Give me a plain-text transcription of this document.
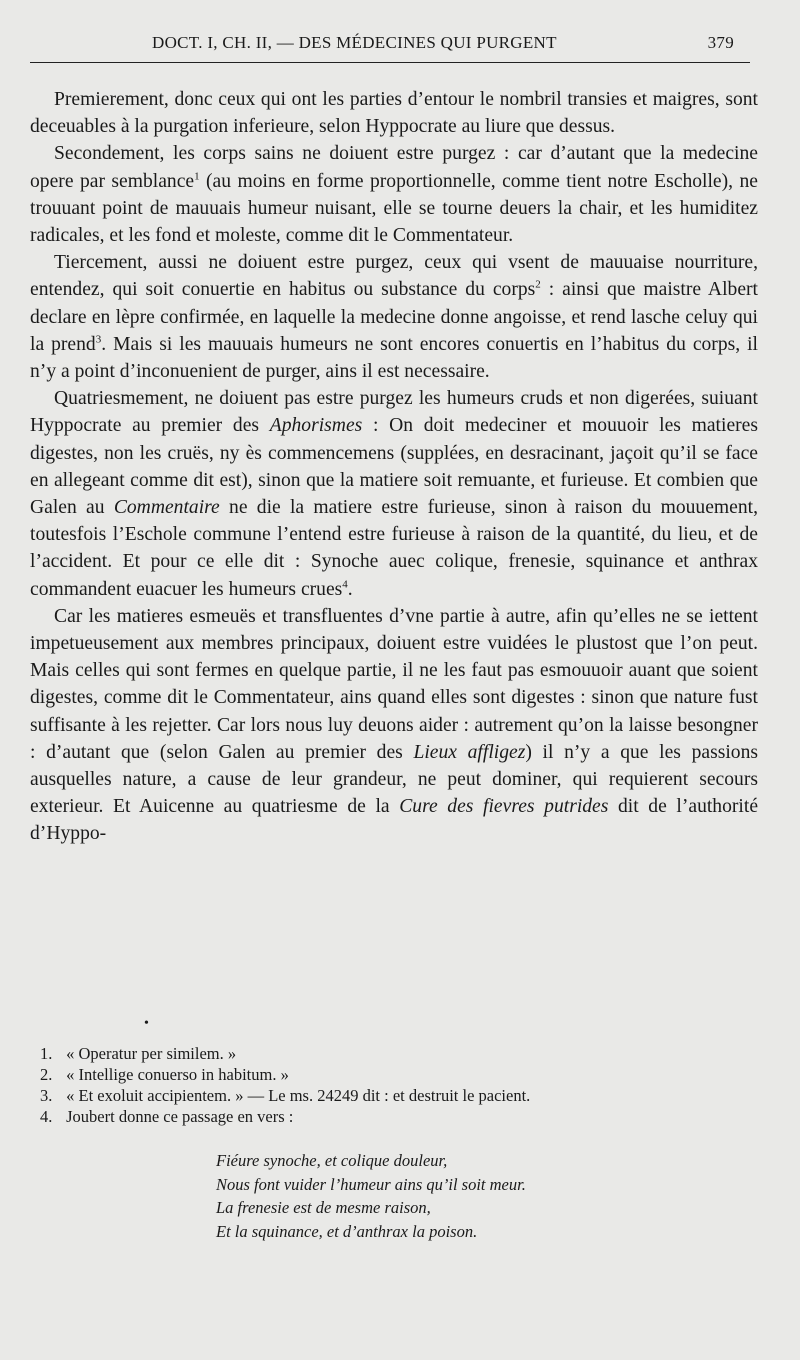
DOCT. I, CH. II, — DES MÉDECINES QUI PURGENT	379

Premierement, donc ceux qui ont les parties d’entour le nombril transies et maigres, sont deceuables à la purgation inferieure, selon Hyppocrate au liure que dessus.

Secondement, les corps sains ne doiuent estre purgez : car d’autant que la medecine opere par semblance$^1$ (au moins en forme proportionnelle, comme tient notre Escholle), ne trouuant point de mauuais humeur nuisant, elle se tourne deuers la chair, et les humiditez radicales, et les fond et moleste, comme dit le Commentateur.

Tiercement, aussi ne doiuent estre purgez, ceux qui vsent de mauuaise nourriture, entendez, qui soit conuertie en habitus ou substance du corps$^2$ : ainsi que maistre Albert declare en lèpre confirmée, en laquelle la medecine donne angoisse, et rend lasche celuy qui la prend$^3$. Mais si les mauuais humeurs ne sont encores conuertis en l’habitus du corps, il n’y a point d’inconuenient de purger, ains il est necessaire.

Quatriesmement, ne doiuent pas estre purgez les humeurs cruds et non digerées, suiuant Hyppocrate au premier des Aphorismes : On doit medeciner et mouuoir les matieres digestes, non les cruës, ny ès commencemens (supplées, en desracinant, jaçoit qu’il se face en allegeant comme dit est), sinon que la matiere soit remuante, et furieuse. Et combien que Galen au Commentaire ne die la matiere estre furieuse, sinon à raison du mouuement, toutesfois l’Eschole commune l’entend estre furieuse à raison de la quantité, du lieu, et de l’accident. Et pour ce elle dit : Synoche auec colique, frenesie, squinance et anthrax commandent euacuer les humeurs crues$^4$.

Car les matieres esmeuës et transfluentes d’vne partie à autre, afin qu’elles ne se iettent impetueusement aux membres principaux, doiuent estre vuidées le plustost que l’on peut. Mais celles qui sont fermes en quelque partie, il ne les faut pas esmouuoir auant que soient digestes, comme dit le Commentateur, ains quand elles sont digestes : sinon que nature fust suffisante à les rejetter. Car lors nous luy deuons aider : autrement qu’on la laisse besongner : d’autant que (selon Galen au premier des Lieux affligez) il n’y a que les passions ausquelles nature, a cause de leur grandeur, ne peut dominer, qui requierent secours exterieur. Et Auicenne au quatriesme de la Cure des fievres putrides dit de l’authorité d’Hyppo-

•
1. « Operatur per similem. »
2. « Intellige conuerso in habitum. »
3. « Et exoluit accipientem. » — Le ms. 24249 dit : et destruit le pacient.
4. Joubert donne ce passage en vers :
Fiéure synoche, et colique douleur,
Nous font vuider l’humeur ains qu’il soit meur.
La frenesie est de mesme raison,
Et la squinance, et d’anthrax la poison.
